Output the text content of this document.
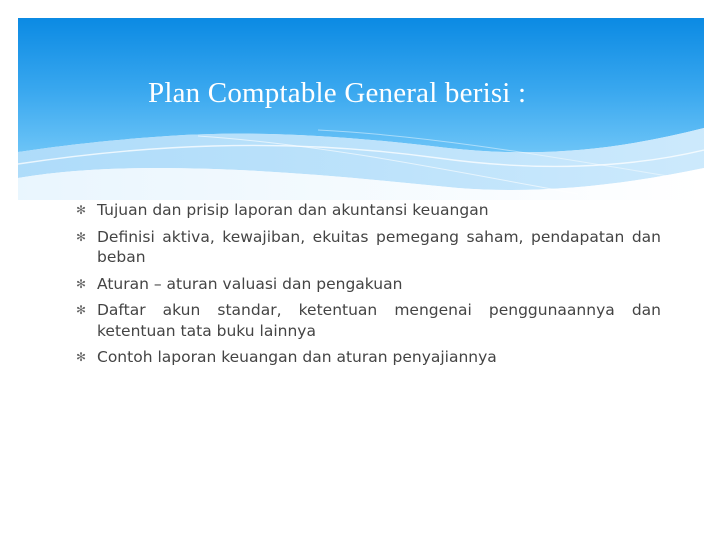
Plan Comptable General berisi :
✻ Tujuan dan prisip laporan dan akuntansi keuangan
✻ Definisi aktiva, kewajiban, ekuitas pemegang saham, pendapatan dan beban
✻ Aturan – aturan valuasi dan pengakuan
✻ Daftar akun standar, ketentuan mengenai penggunaannya dan ketentuan tata buku lainnya
✻ Contoh laporan keuangan dan aturan penyajiannya
